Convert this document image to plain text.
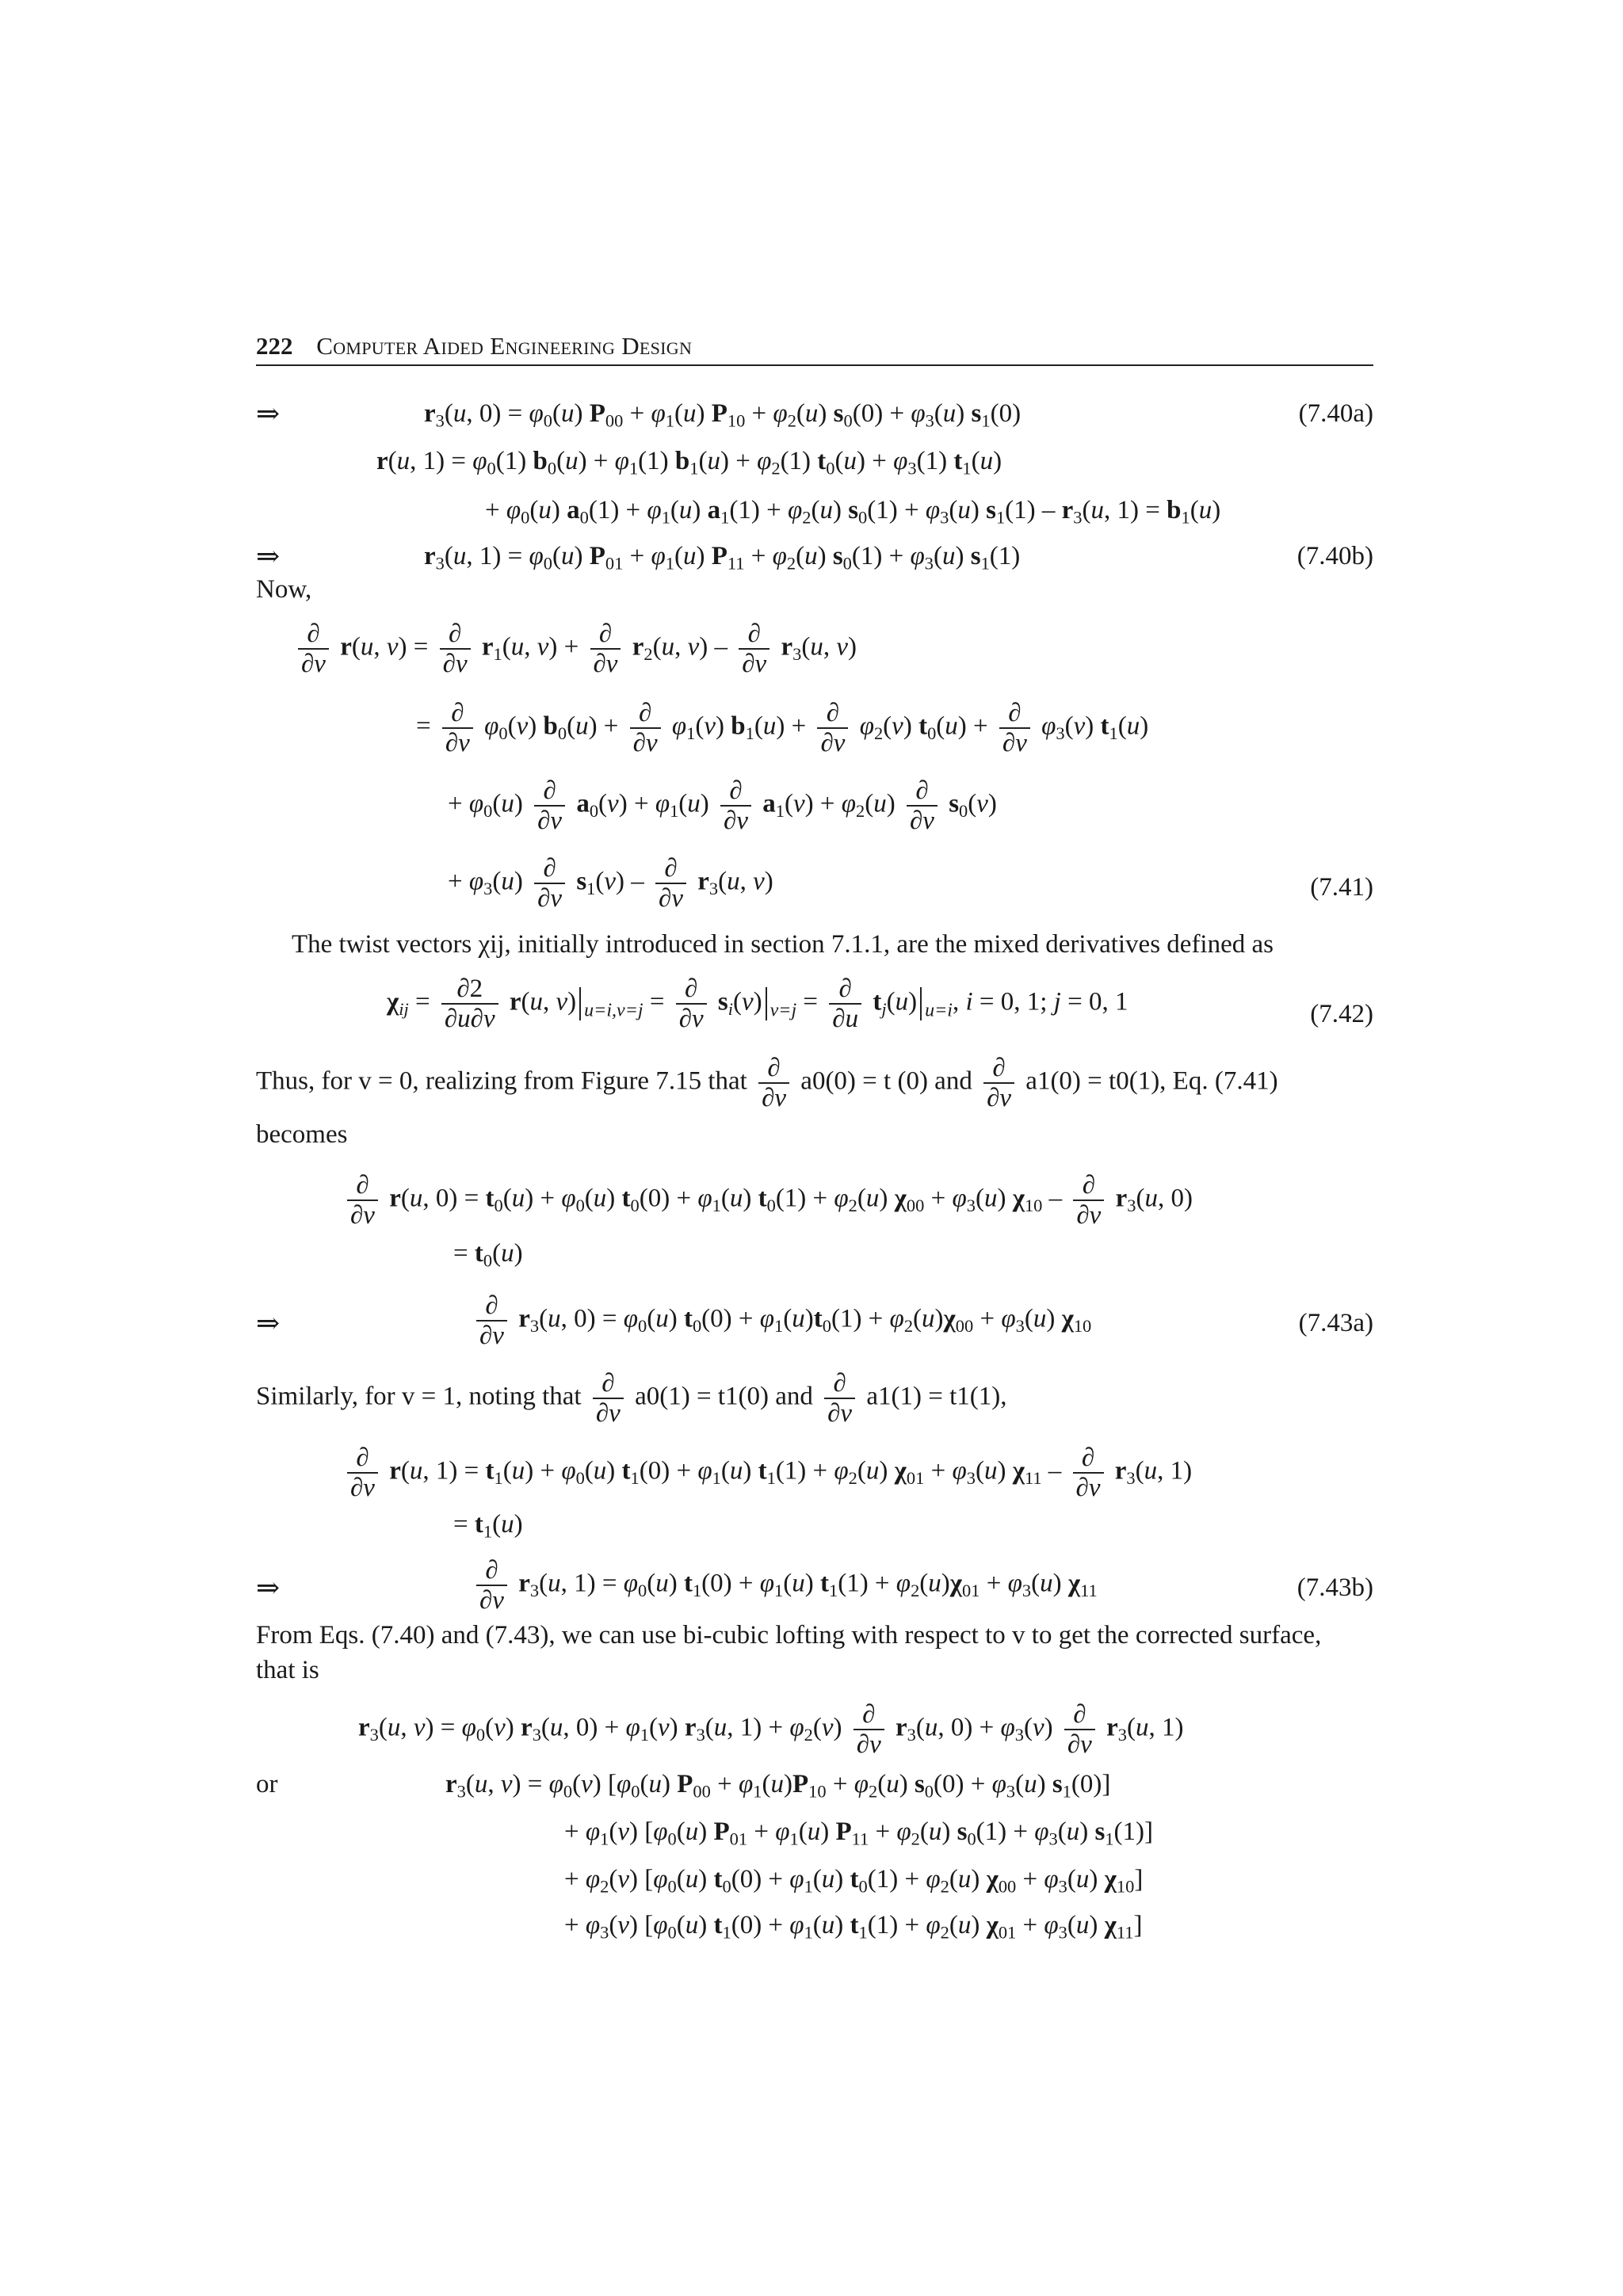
222 Computer Aided Engineering Design
⇒	$r_3(u$, $0) = \varphi_0(u) P_{00} + \varphi_1(u) P_{10} + \varphi_2(u) s_0(0) + \varphi_3(u)$ $s_1(0)$	(7.40a)
r(u, $1) = \varphi_0(1) b_0(u) + \varphi_1(1) b_1(u) + \varphi_2(1) t_0(u) + \varphi_3(1)$ $t_1(u)$
+ $\varphi_0(u) a_0(1) + \varphi_1(u) a_1(1) + \varphi_2(u) s_0(1) + \varphi_3(u)$ $s_1(1) - r_3(u$, $1) = b_1(u)$
⇒	$r_3(u$, $1) = \varphi_0(u) P_{01} + \varphi_1(u) P_{11} + \varphi_2(u) s_0(1) + \varphi_3(u)$ $s_1(1)$	(7.40b)
Now,
$\frac{\partial}{\partial v} r(u$, $v) = \frac{\partial}{\partial v} r_1(u$, $v) + \frac{\partial}{\partial v} r_2(u$, $v) - \frac{\partial}{\partial v} r_3(u$, v)
= $\frac{\partial}{\partial v} \varphi_0(v) b_0(u) + \frac{\partial}{\partial v} \varphi_1(v) b_1(u) + \frac{\partial}{\partial v} \varphi_2(v) t_0(u) + \frac{\partial}{\partial v} \varphi_3(v)$ $t_1(u)$
+ $\varphi_0(u) \frac{\partial}{\partial v} a_0(v) + \varphi_1(u) \frac{\partial}{\partial v} a_1(v) + \varphi_2(u) \frac{\partial}{\partial v} s_0(v)$
+ $\varphi_3(u) \frac{\partial}{\partial v} s_1(v) - \frac{\partial}{\partial v} r_3(u$, v)	(7.41)
The twist vectors χij, initially introduced in section 7.1.1, are the mixed derivatives defined as
$\chi_{ij} = \frac{\partial 2}{\partial u\partial v} r(u$, v) $_{u=i,v=j} = \frac{\partial}{\partial v} s_i(v) _{v=j} = \frac{\partial}{\partial u} t_j(u)$ $_{u=i}$, i = 0, 1; j = 0, 1	(7.42)
Thus, for v = 0, realizing from Figure 7.15 that $\frac{\partial}{\partial v} a0(0) = t$ (0) and $\frac{\partial}{\partial v} a1(0) = t0(1)$, Eq. (7.41)
becomes
$\frac{\partial}{\partial v} r(u$, $0) = t_0(u) + \varphi_0(u) t_0(0) + \varphi_1(u) t_0(1) + \varphi_2(u) \chi_{00} + \varphi_3(u)$ $\chi_{10} - \frac{\partial}{\partial v} r_3(u$, 0)
= $t_0(u)$
⇒	$\frac{\partial}{\partial v} r_3(u$, $0) = \varphi_0(u) t_0(0) + \varphi_1(u)t_0(1) + \varphi_2(u)\chi_{00} + \varphi_3(u)$ $\chi_{10}$	(7.43a)
Similarly, for v = 1, noting that $\frac{\partial}{\partial v} a0(1) = t1(0)$ and $\frac{\partial}{\partial v} a1(1) = t1(1)$,
$\frac{\partial}{\partial v} r(u$, $1) = t_1(u) + \varphi_0(u) t_1(0) + \varphi_1(u) t_1(1) + \varphi_2(u) \chi_{01} + \varphi_3(u)$ $\chi_{11} - \frac{\partial}{\partial v} r_3(u$, 1)
= $t_1(u)$
⇒	$\frac{\partial}{\partial v} r_3(u$, $1) = \varphi_0(u) t_1(0) + \varphi_1(u) t_1(1) + \varphi_2(u)\chi_{01} + \varphi_3(u)$ $\chi_{11}$	(7.43b)
From Eqs. (7.40) and (7.43), we can use bi-cubic lofting with respect to v to get the corrected surface,
that is
$r_3(u$, $v) = \varphi_0(v)$ $r_3(u$, $0) + \varphi_1(v)$ $r_3(u$, $1) + \varphi_2(v) \frac{\partial}{\partial v} r_3(u$, $0) + \varphi_3(v) \frac{\partial}{\partial v} r_3(u$, 1)
or	$r_3(u$, $v) = \varphi_0(v)$ [$\varphi_0(u) P_{00} + \varphi_1(u)P_{10} + \varphi_2(u) s_0(0) + \varphi_3(u)$ $s_1(0)$]
+ $\varphi_1(v)$ [$\varphi_0(u) P_{01} + \varphi_1(u) P_{11} + \varphi_2(u) s_0(1) + \varphi_3(u)$ $s_1(1)$]
+ $\varphi_2(v)$ [$\varphi_0(u) t_0(0) + \varphi_1(u) t_0(1) + \varphi_2(u) \chi_{00} + \varphi_3(u)$ $\chi_{10}$]
+ $\varphi_3(v)$ [$\varphi_0(u) t_1(0) + \varphi_1(u) t_1(1) + \varphi_2(u) \chi_{01} + \varphi_3(u)$ $\chi_{11}$]
